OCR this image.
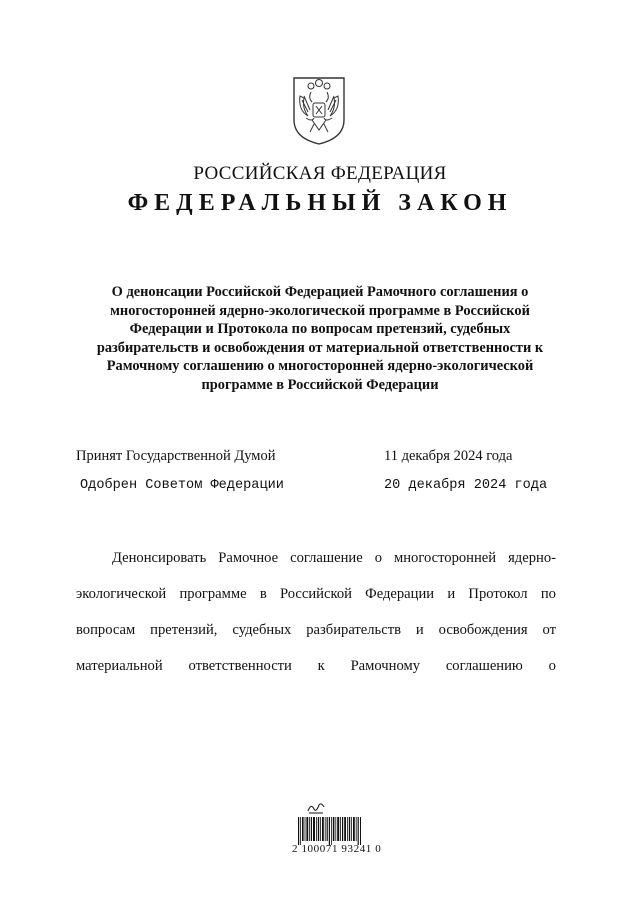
РОССИЙСКАЯ ФЕДЕРАЦИЯ
ФЕДЕРАЛЬНЫЙ ЗАКОН
О денонсации Российской Федерацией Рамочного соглашения о
многосторонней ядерно-экологической программе в Российской
Федерации и Протокола по вопросам претензий, судебных
разбирательств и освобождения от материальной ответственности к
Рамочному соглашению о многосторонней ядерно-экологической
программе в Российской Федерации
Принят Государственной Думой	11 декабря 2024 года
Одобрен Советом Федерации	20 декабря 2024 года
Денонсировать Рамочное соглашение о многосторонней ядерно-
экологической программе в Российской Федерации и Протокол по
вопросам претензий, судебных разбирательств и освобождения от
материальной ответственности к Рамочному соглашению о
2 100071 93241 0
